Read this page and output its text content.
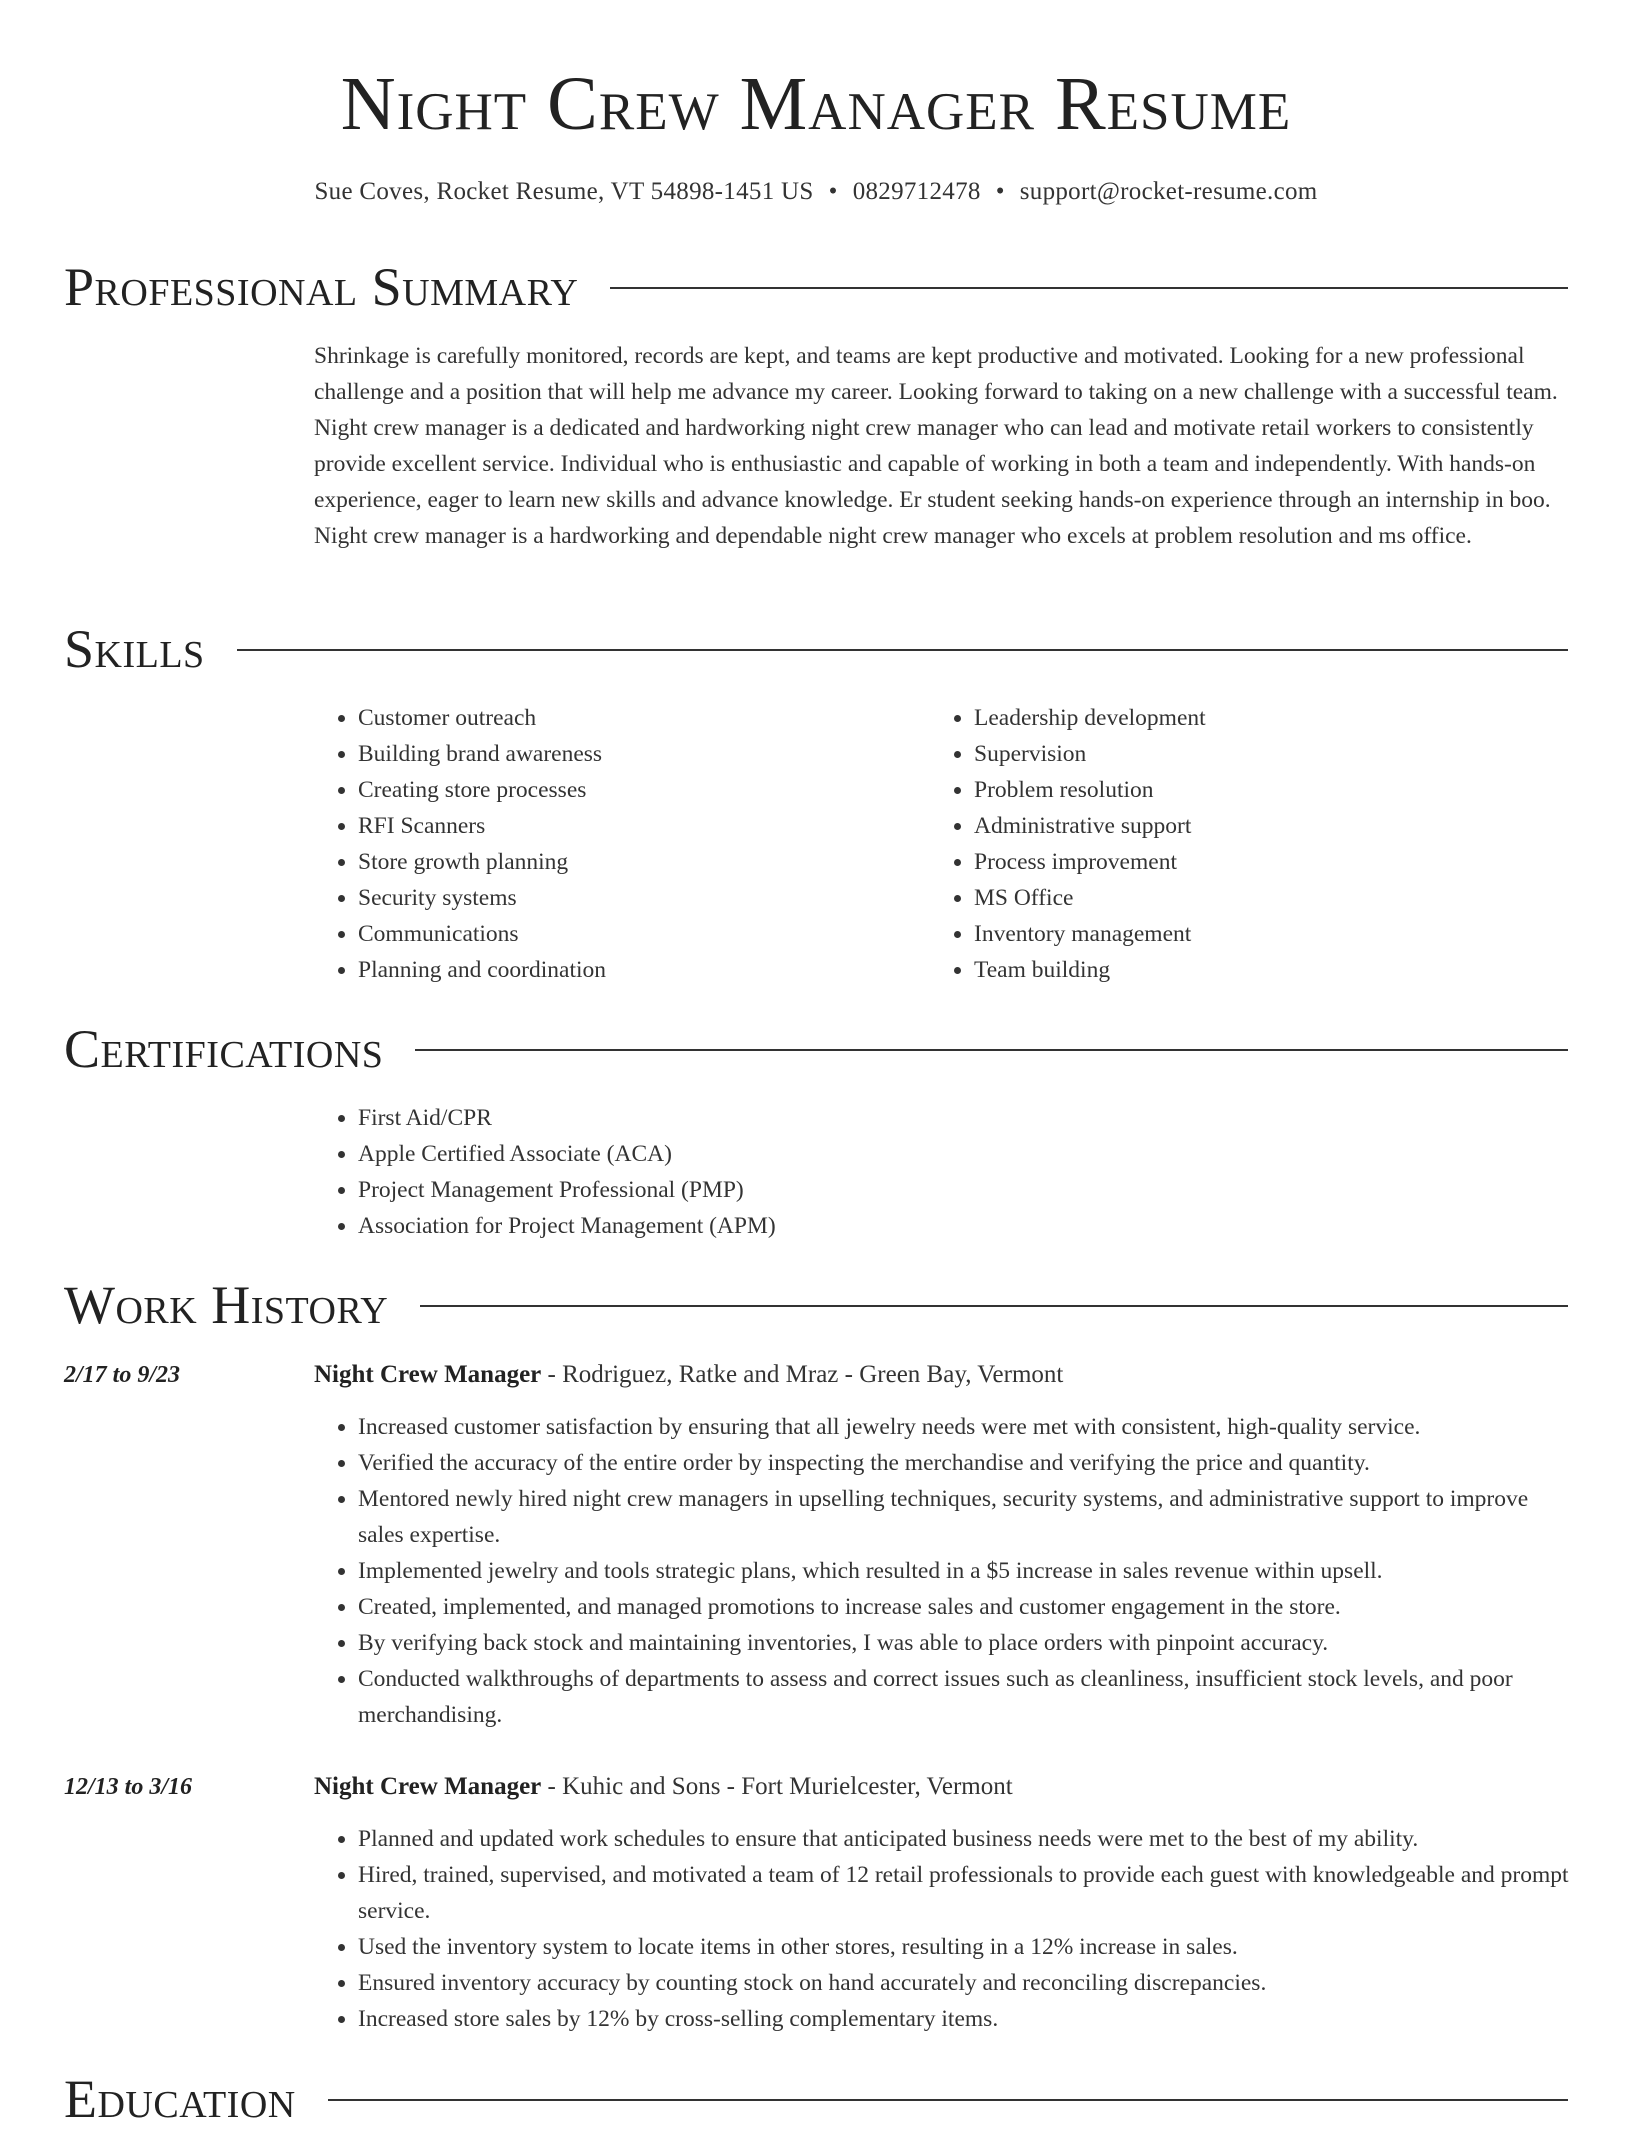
Night Crew Manager Resume
Sue Coves, Rocket Resume, VT 54898-1451 US • 0829712478 • support@rocket-resume.com
Professional Summary

Shrinkage is carefully monitored, records are kept, and teams are kept productive and motivated. Looking for a new professional challenge and a position that will help me advance my career. Looking forward to taking on a new challenge with a successful team. Night crew manager is a dedicated and hardworking night crew manager who can lead and motivate retail workers to consistently provide excellent service. Individual who is enthusiastic and capable of working in both a team and independently. With hands-on experience, eager to learn new skills and advance knowledge. Er student seeking hands-on experience through an internship in boo. Night crew manager is a hardworking and dependable night crew manager who excels at problem resolution and ms office.

Skills
• Customer outreach
• Building brand awareness
• Creating store processes
• RFI Scanners
• Store growth planning
• Security systems
• Communications
• Planning and coordination
• Leadership development
• Supervision
• Problem resolution
• Administrative support
• Process improvement
• MS Office
• Inventory management
• Team building
Certifications
• First Aid/CPR
• Apple Certified Associate (ACA)
• Project Management Professional (PMP)
• Association for Project Management (APM)
Work History
2/17 to 9/23	Night Crew Manager - Rodriguez, Ratke and Mraz - Green Bay, Vermont
• Increased customer satisfaction by ensuring that all jewelry needs were met with consistent, high-quality service.
• Verified the accuracy of the entire order by inspecting the merchandise and verifying the price and quantity.
• Mentored newly hired night crew managers in upselling techniques, security systems, and administrative support to improve sales expertise.
• Implemented jewelry and tools strategic plans, which resulted in a $5 increase in sales revenue within upsell.
• Created, implemented, and managed promotions to increase sales and customer engagement in the store.
• By verifying back stock and maintaining inventories, I was able to place orders with pinpoint accuracy.
• Conducted walkthroughs of departments to assess and correct issues such as cleanliness, insufficient stock levels, and poor merchandising.
12/13 to 3/16	Night Crew Manager - Kuhic and Sons - Fort Murielcester, Vermont
• Planned and updated work schedules to ensure that anticipated business needs were met to the best of my ability.
• Hired, trained, supervised, and motivated a team of 12 retail professionals to provide each guest with knowledgeable and prompt service.
• Used the inventory system to locate items in other stores, resulting in a 12% increase in sales.
• Ensured inventory accuracy by counting stock on hand accurately and reconciling discrepancies.
• Increased store sales by 12% by cross-selling complementary items.
Education
